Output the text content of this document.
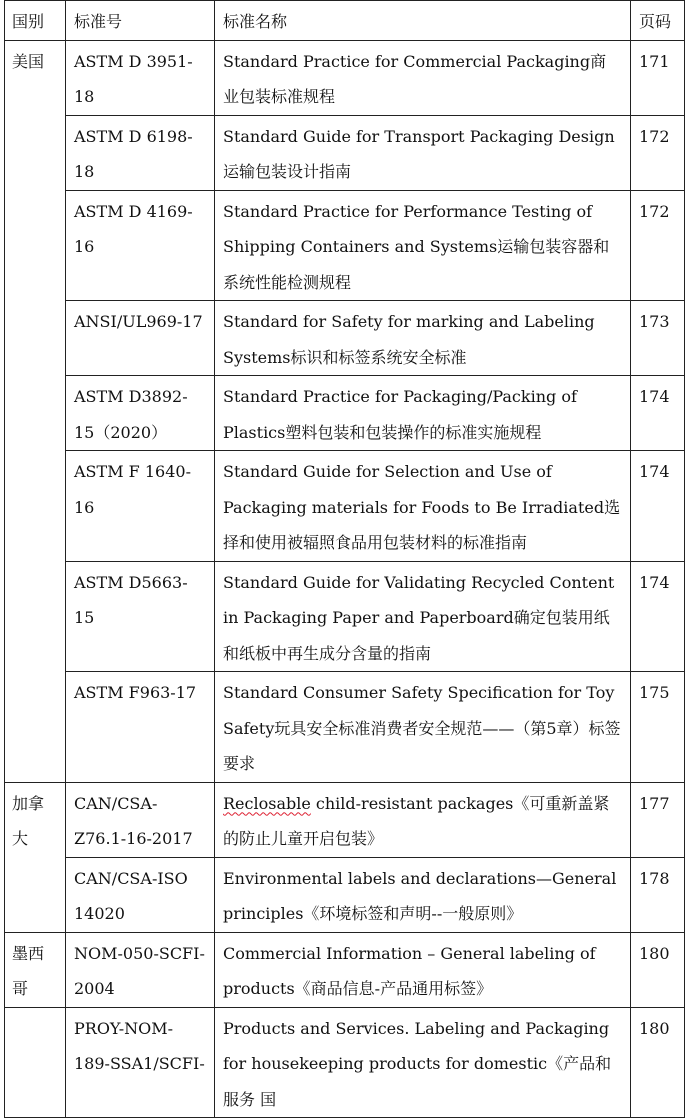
国别	标准号	标准名称	页码
美国	ASTM D 3951-18	Standard Practice for Commercial Packaging商业包装标准规程	171
	ASTM D 6198-18	Standard Guide for Transport Packaging Design运输包装设计指南	172
	ASTM D 4169-16	Standard Practice for Performance Testing of Shipping Containers and Systems运输包装容器和系统性能检测规程	172
	ANSI/UL969-17	Standard for Safety for marking and Labeling Systems标识和标签系统安全标准	173
	ASTM D3892-15（2020）	Standard Practice for Packaging/Packing of Plastics塑料包装和包装操作的标准实施规程	174
	ASTM F 1640-16	Standard Guide for Selection and Use of Packaging materials for Foods to Be Irradiated选择和使用被辐照食品用包装材料的标准指南	174
	ASTM D5663-15	Standard Guide for Validating Recycled Content in Packaging Paper and Paperboard确定包装用纸和纸板中再生成分含量的指南	174
	ASTM F963-17	Standard Consumer Safety Specification for Toy Safety玩具安全标准消费者安全规范——（第5章）标签要求	175
加拿大	CAN/CSA-Z76.1-16-2017	Reclosable child-resistant packages《可重新盖紧的防止儿童开启包装》	177
	CAN/CSA-ISO 14020	Environmental labels and declarations—General principles《环境标签和声明--一般原则》	178
墨西哥	NOM-050-SCFI-2004	Commercial Information – General labeling of products《商品信息-产品通用标签》	180
	PROY-NOM-189-SSA1/SCFI-	Products and Services. Labeling and Packaging for housekeeping products for domestic《产品和服务 国	180
